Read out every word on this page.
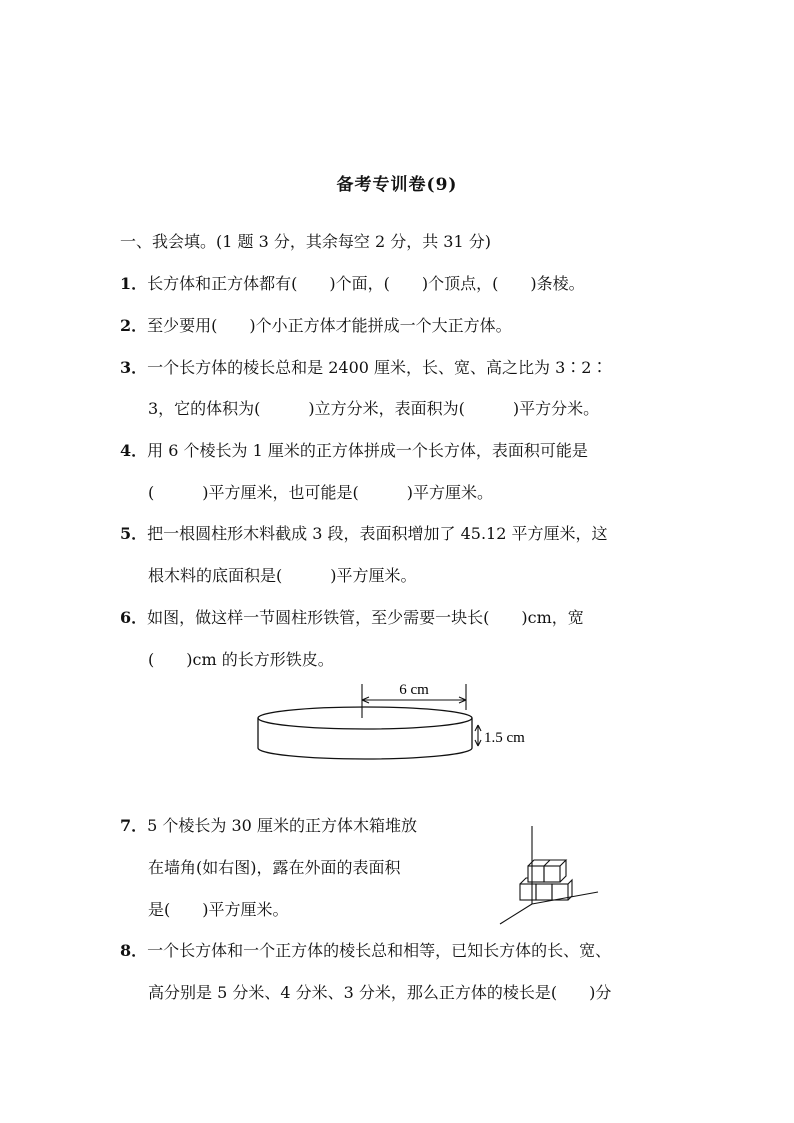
备考专训卷(9)
一、我会填。(1 题 3 分，其余每空 2 分，共 31 分)
1．长方体和正方体都有(　　)个面，(　　)个顶点，(　　)条棱。
2．至少要用(　　)个小正方体才能拼成一个大正方体。
3．一个长方体的棱长总和是 2400 厘米，长、宽、高之比为 3∶2∶
3，它的体积为(　　　)立方分米，表面积为(　　　)平方分米。
4．用 6 个棱长为 1 厘米的正方体拼成一个长方体，表面积可能是
(　　　)平方厘米，也可能是(　　　)平方厘米。
5．把一根圆柱形木料截成 3 段，表面积增加了 45.12 平方厘米，这
根木料的底面积是(　　　)平方厘米。
6．如图，做这样一节圆柱形铁管，至少需要一块长(　　)cm，宽
(　　)cm 的长方形铁皮。
6 cm
1.5 cm
7．5 个棱长为 30 厘米的正方体木箱堆放
在墙角(如右图)，露在外面的表面积
是(　　)平方厘米。
8．一个长方体和一个正方体的棱长总和相等，已知长方体的长、宽、
高分别是 5 分米、4 分米、3 分米，那么正方体的棱长是(　　)分
